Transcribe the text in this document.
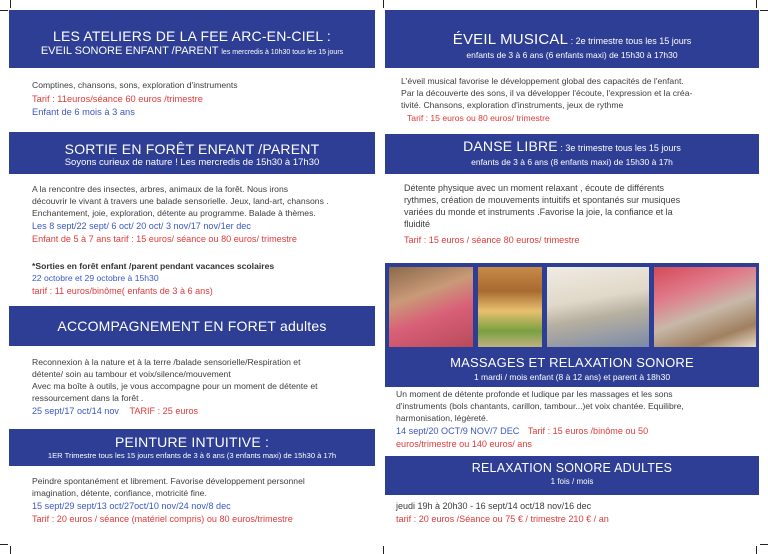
LES ATELIERS DE LA FEE ARC-EN-CIEL :
EVEIL SONORE ENFANT /PARENT les mercredis à 10h30 tous les 15 jours
Comptines, chansons, sons, exploration d'instruments
Tarif : 11euros/séance 60 euros /trimestre
Enfant de 6 mois à 3 ans
SORTIE EN FORÊT ENFANT /PARENT
Soyons curieux de nature ! Les mercredis de 15h30 à 17h30
A la rencontre des insectes, arbres, animaux de la forêt. Nous irons
découvrir le vivant à travers une balade sensorielle. Jeux, land-art, chansons .
Enchantement, joie, exploration, détente au programme. Balade à thèmes.
Les 8 sept/22 sept/ 6 oct/ 20 oct/ 3 nov/17 nov/1er dec
Enfant de 5 à 7 ans tarif : 15 euros/ séance ou 80 euros/ trimestre
*Sorties en forêt enfant /parent pendant vacances scolaires
22 octobre et 29 octobre à 15h30
tarif : 11 euros/binôme( enfants de 3 à 6 ans)
ACCOMPAGNEMENT EN FORET adultes
Reconnexion à la nature et à la terre /balade sensorielle/Respiration et
détente/ soin au tambour et voix/silence/mouvement
Avec ma boîte à outils, je vous accompagne pour un moment de détente et
ressourcement dans la forêt .
25 sept/17 oct/14 nov TARIF : 25 euros
PEINTURE INTUITIVE :
1ER Trimestre tous les 15 jours enfants de 3 à 6 ans (3 enfants maxi) de 15h30 à 17h
Peindre spontanément et librement. Favorise développement personnel
imagination, détente, confiance, motricité fine.
15 sept/29 sept/13 oct/27oct/10 nov/24 nov/8 dec
Tarif : 20 euros / séance (matériel compris) ou 80 euros/trimestre
ÉVEIL MUSICAL : 2e trimestre tous les 15 jours
enfants de 3 à 6 ans (6 enfants maxi) de 15h30 à 17h30
L'éveil musical favorise le développement global des capacités de l'enfant.
Par la découverte des sons, il va développer l'écoute, l'expression et la créa-
tivité. Chansons, exploration d'instruments, jeux de rythme
Tarif : 15 euros ou 80 euros/ trimestre
DANSE LIBRE : 3e trimestre tous les 15 jours
enfants de 3 à 6 ans (8 enfants maxi) de 15h30 à 17h
Détente physique avec un moment relaxant , écoute de différents
rythmes, création de mouvements intuitifs et spontanés sur musiques
variées du monde et instruments .Favorise la joie, la confiance et la
fluidité
Tarif : 15 euros / séance 80 euros/ trimestre
MASSAGES ET RELAXATION SONORE
1 mardi / mois enfant (8 à 12 ans) et parent à 18h30
Un moment de détente profonde et ludique par les massages et les sons
d'instruments (bols chantants, carillon, tambour...)et voix chantée. Equilibre,
harmonisation, légèreté.
14 sept/20 OCT/9 NOV/7 DEC Tarif : 15 euros /binôme ou 50
euros/trimestre ou 140 euros/ ans
RELAXATION SONORE ADULTES
1 fois / mois
jeudi 19h à 20h30 - 16 sept/14 oct/18 nov/16 dec
tarif : 20 euros /Séance ou 75 € / trimestre 210 € / an
